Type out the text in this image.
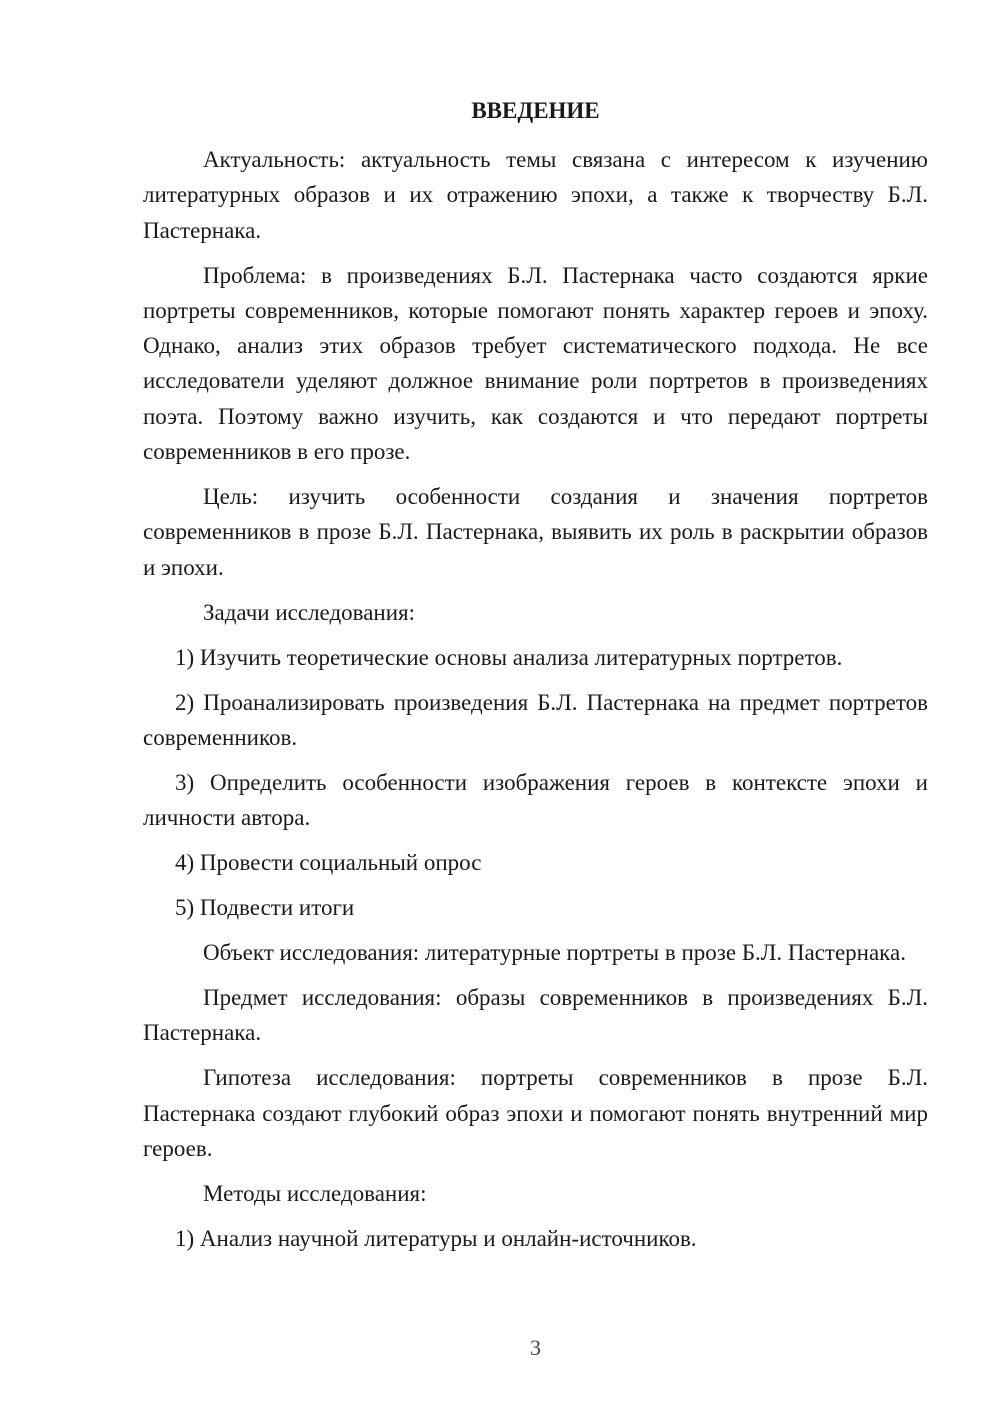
ВВЕДЕНИЕ

Актуальность: актуальность темы связана с интересом к изучению литературных образов и их отражению эпохи, а также к творчеству Б.Л. Пастернака.

Проблема: в произведениях Б.Л. Пастернака часто создаются яркие портреты современников, которые помогают понять характер героев и эпоху. Однако, анализ этих образов требует систематического подхода. Не все исследователи уделяют должное внимание роли портретов в произведениях поэта. Поэтому важно изучить, как создаются и что передают портреты современников в его прозе.

Цель: изучить особенности создания и значения портретов современников в прозе Б.Л. Пастернака, выявить их роль в раскрытии образов и эпохи.

Задачи исследования:

1) Изучить теоретические основы анализа литературных портретов.

2) Проанализировать произведения Б.Л. Пастернака на предмет портретов современников.

3) Определить особенности изображения героев в контексте эпохи и личности автора.

4) Провести социальный опрос

5) Подвести итоги

Объект исследования: литературные портреты в прозе Б.Л. Пастернака.

Предмет исследования: образы современников в произведениях Б.Л. Пастернака.

Гипотеза исследования: портреты современников в прозе Б.Л. Пастернака создают глубокий образ эпохи и помогают понять внутренний мир героев.

Методы исследования:

1) Анализ научной литературы и онлайн-источников.

3
